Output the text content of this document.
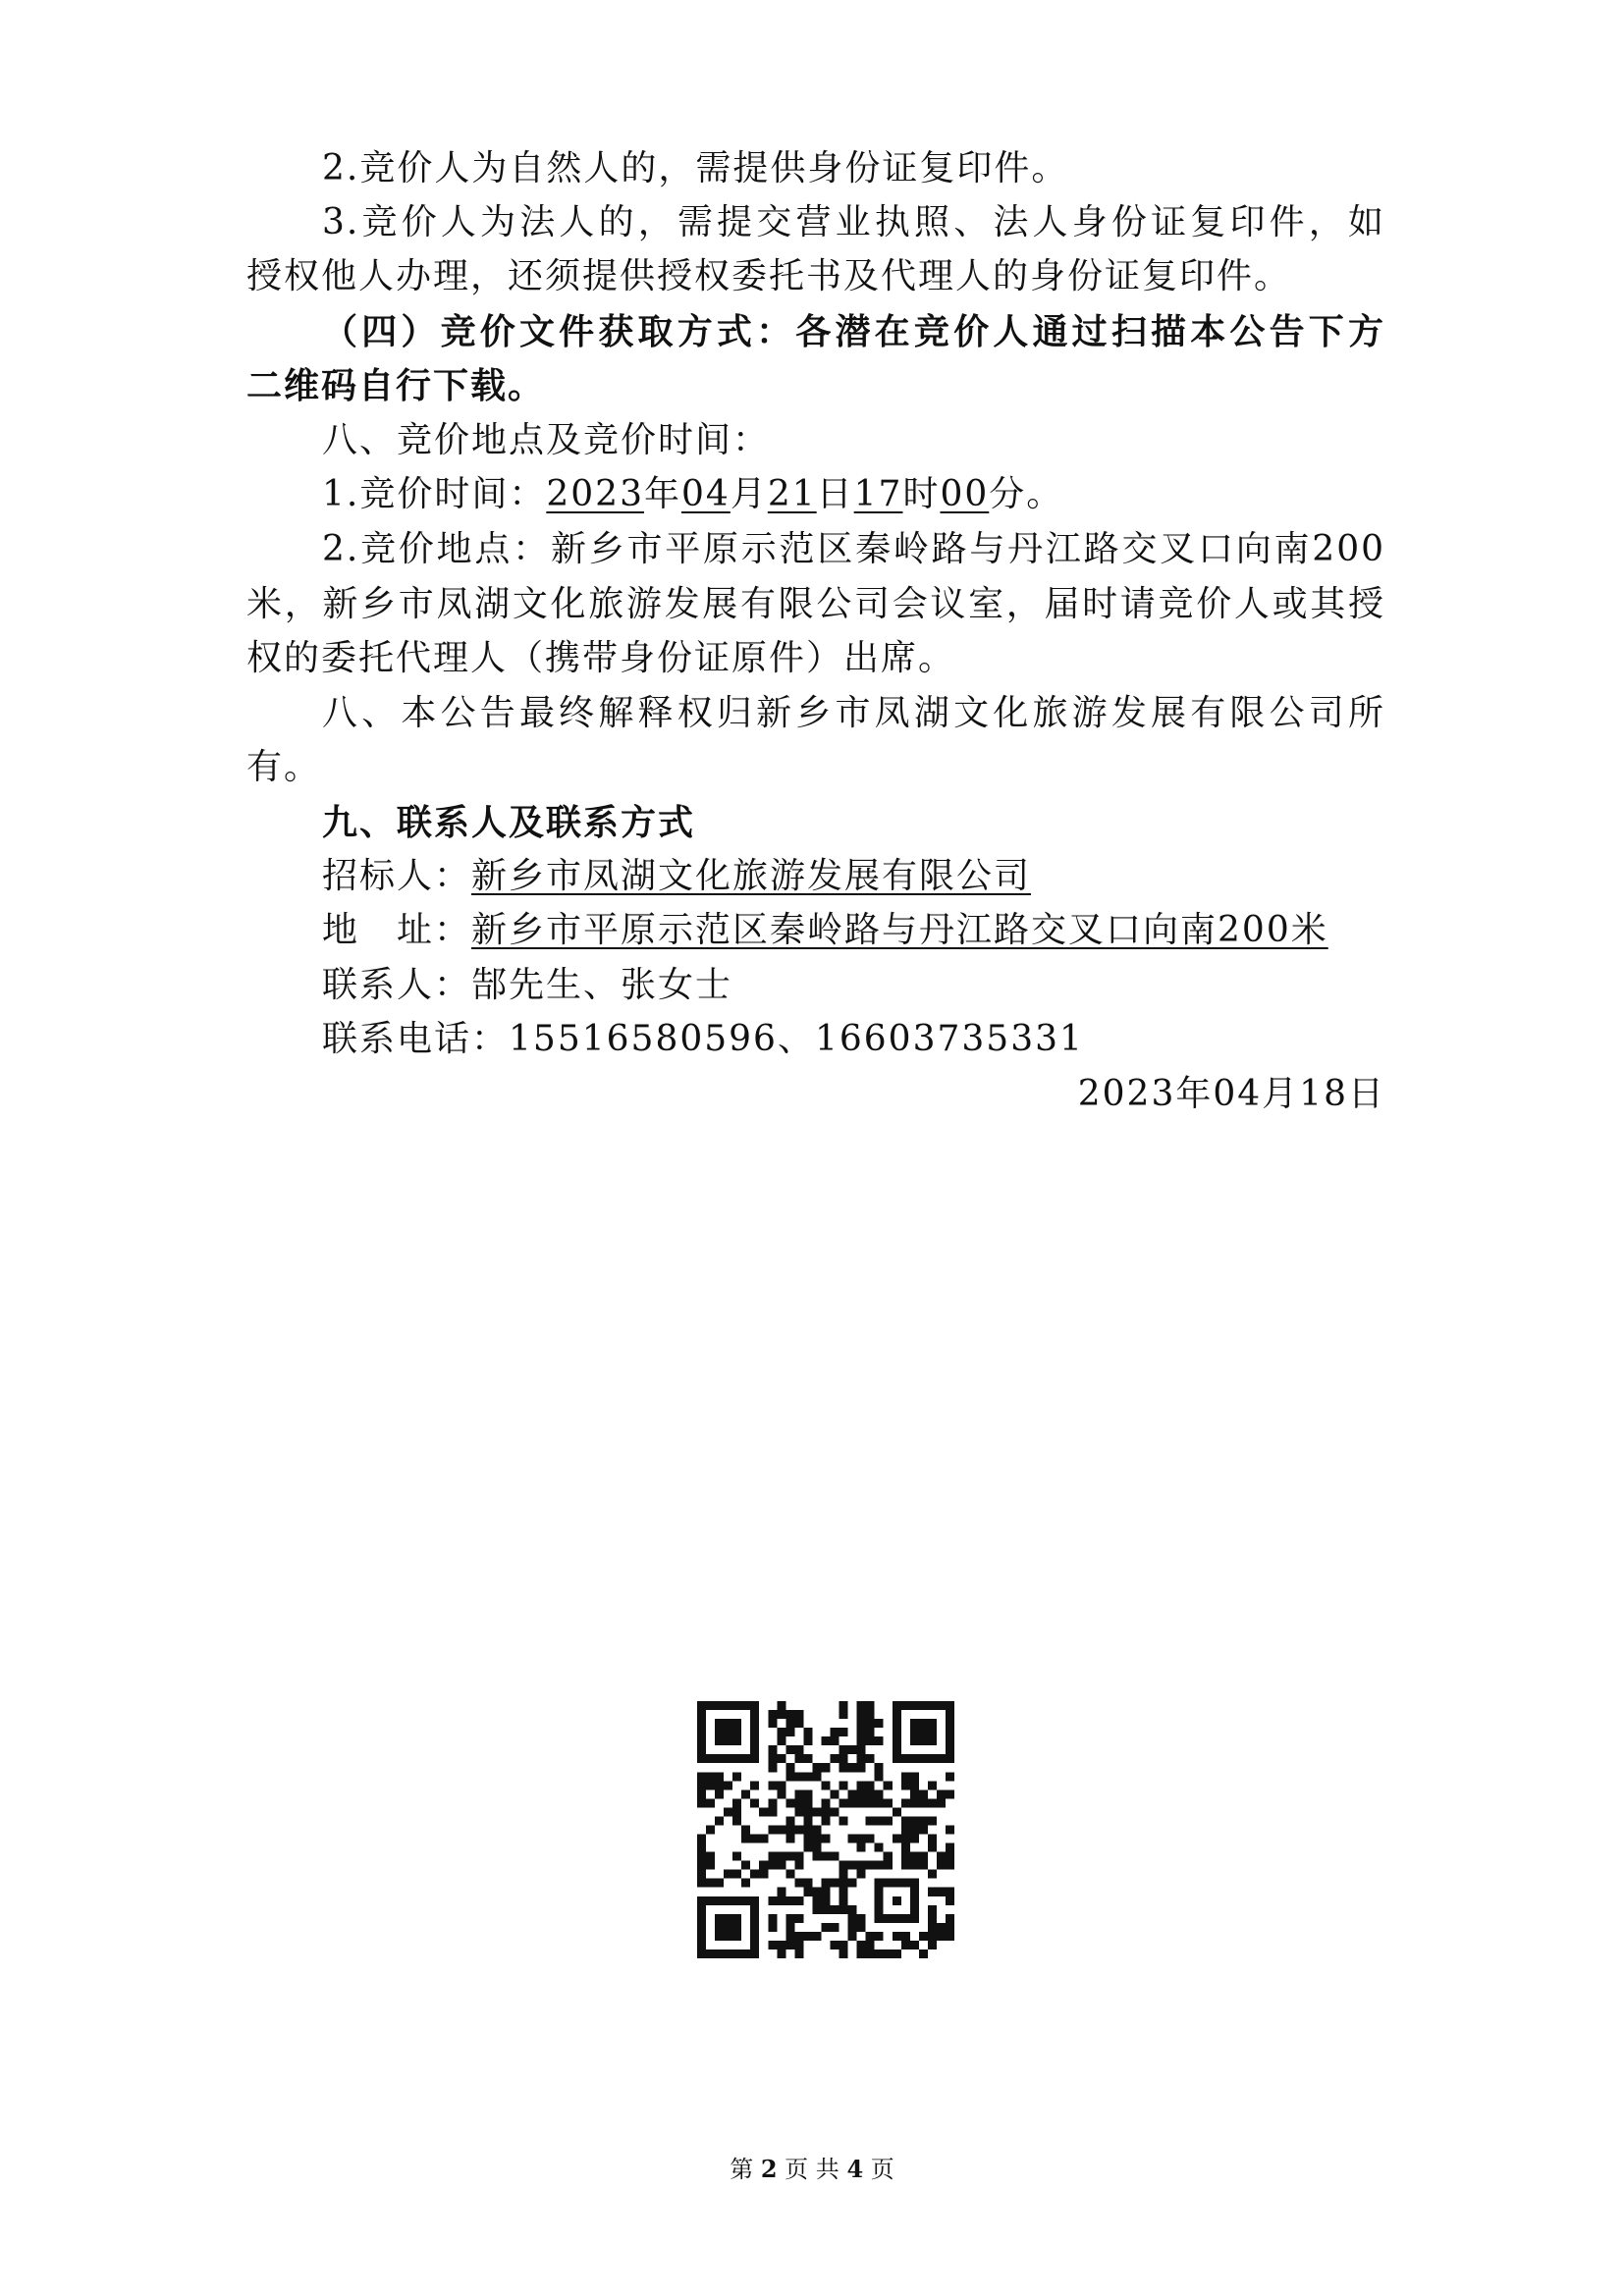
2.竞价人为自然人的，需提供身份证复印件。
3.竞价人为法人的，需提交营业执照、法人身份证复印件，如
授权他人办理，还须提供授权委托书及代理人的身份证复印件。
（四）竞价文件获取方式：各潜在竞价人通过扫描本公告下方
二维码自行下载。
八、竞价地点及竞价时间：
1.竞价时间：2023年04月21日17时00分。
2.竞价地点：新乡市平原示范区秦岭路与丹江路交叉口向南200
米，新乡市凤湖文化旅游发展有限公司会议室，届时请竞价人或其授
权的委托代理人（携带身份证原件）出席。
八、本公告最终解释权归新乡市凤湖文化旅游发展有限公司所
有。
九、联系人及联系方式
招标人：新乡市凤湖文化旅游发展有限公司
地　址：新乡市平原示范区秦岭路与丹江路交叉口向南200米
联系人：郜先生、张女士
联系电话：15516580596、16603735331
2023年04月18日
第 2 页 共 4 页
